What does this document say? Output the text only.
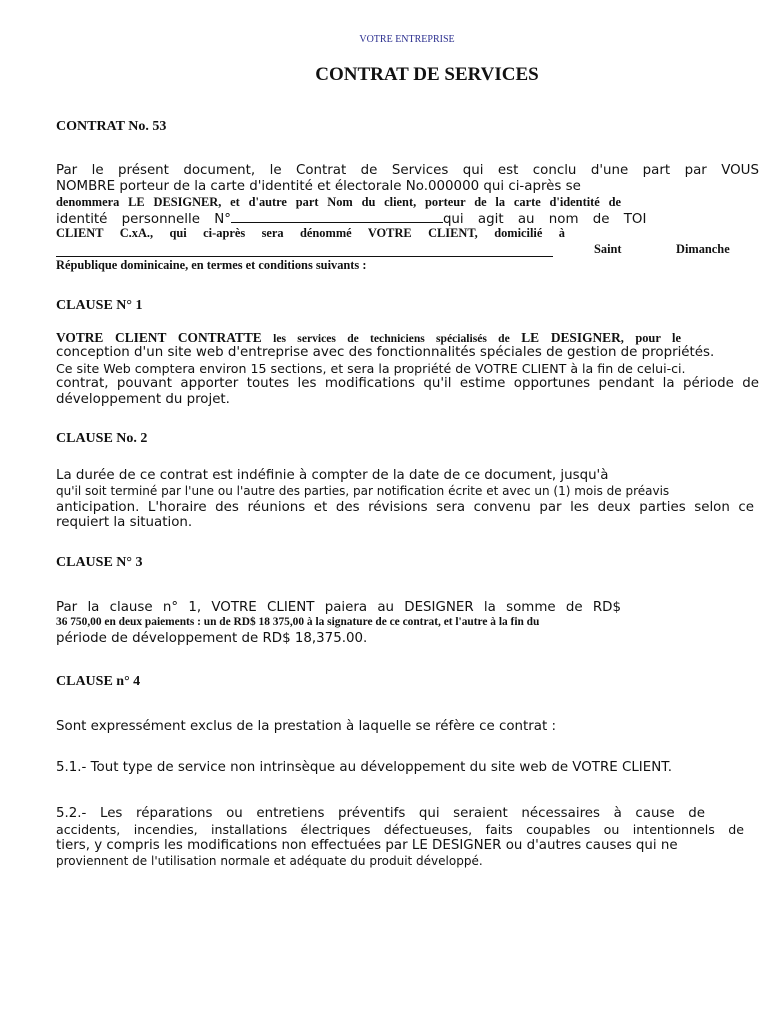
VOTRE ENTREPRISE
CONTRAT DE SERVICES
CONTRAT No. 53
Par le présent document, le Contrat de Services qui est conclu d'une part par VOUS
NOMBRE porteur de la carte d'identité et électorale No.000000 qui ci-après se
denommera LE DESIGNER, et d'autre part Nom du client, porteur de la carte d'identité de
identité personnelle N°	qui agit au nom de TOI
CLIENT C.xA., qui ci-après sera dénommé VOTRE CLIENT, domicilié à
Saint	Dimanche
République dominicaine, en termes et conditions suivants :
CLAUSE N° 1
VOTRE CLIENT CONTRATTE les services de techniciens spécialisés de LE DESIGNER, pour le
conception d'un site web d'entreprise avec des fonctionnalités spéciales de gestion de propriétés.
Ce site Web comptera environ 15 sections, et sera la propriété de VOTRE CLIENT à la fin de celui-ci.
contrat, pouvant apporter toutes les modifications qu'il estime opportunes pendant la période de
développement du projet.
CLAUSE No. 2
La durée de ce contrat est indéfinie à compter de la date de ce document, jusqu'à
qu'il soit terminé par l'une ou l'autre des parties, par notification écrite et avec un (1) mois de préavis
anticipation. L'horaire des réunions et des révisions sera convenu par les deux parties selon ce
requiert la situation.
CLAUSE N° 3
Par la clause n° 1, VOTRE CLIENT paiera au DESIGNER la somme de RD$
36 750,00 en deux paiements : un de RD$ 18 375,00 à la signature de ce contrat, et l'autre à la fin du
période de développement de RD$ 18,375.00.
CLAUSE n° 4
Sont expressément exclus de la prestation à laquelle se réfère ce contrat :
5.1.- Tout type de service non intrinsèque au développement du site web de VOTRE CLIENT.
5.2.- Les réparations ou entretiens préventifs qui seraient nécessaires à cause de
accidents, incendies, installations électriques défectueuses, faits coupables ou intentionnels de
tiers, y compris les modifications non effectuées par LE DESIGNER ou d'autres causes qui ne
proviennent de l'utilisation normale et adéquate du produit développé.
